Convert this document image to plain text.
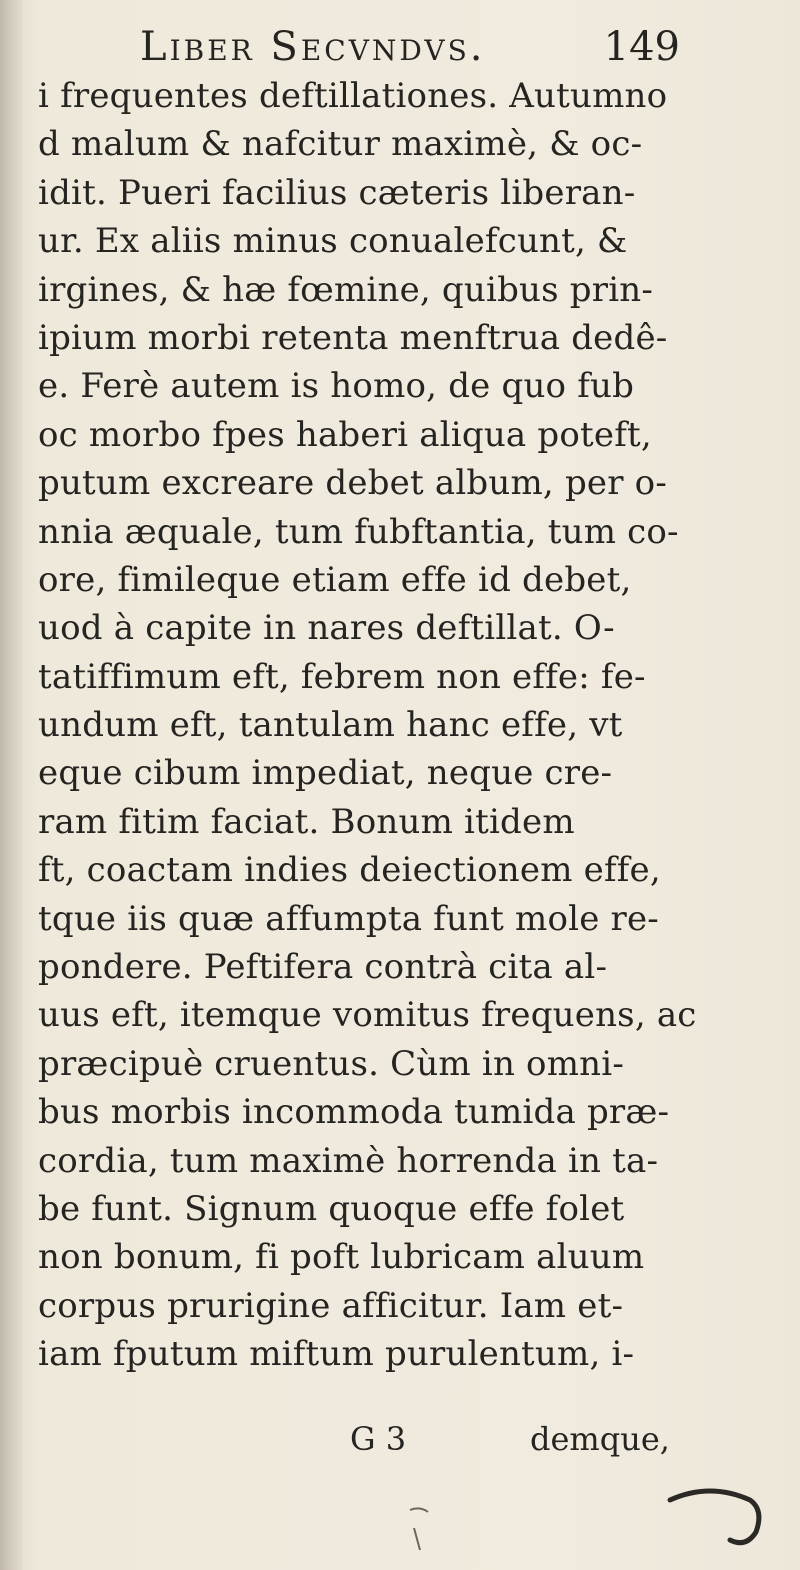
Liber Secvndvs.	149
i frequentes deftillationes. Autumno
d malum & nafcitur maximè, & oc-
idit. Pueri facilius cæteris liberan-
ur. Ex aliis minus conualefcunt, &
irgines, & hæ fœmine, quibus prin-
ipium morbi retenta menftrua dedê-
e. Ferè autem is homo, de quo fub
oc morbo fpes haberi aliqua poteft,
putum excreare debet album, per o-
nnia æquale, tum fubftantia, tum co-
ore, fimileque etiam effe id debet,
uod à capite in nares deftillat. O-
tatiffimum eft, febrem non effe: fe-
undum eft, tantulam hanc effe, vt
eque cibum impediat, neque cre-
ram fitim faciat. Bonum itidem
ft, coactam indies deiectionem effe,
tque iis quæ affumpta funt mole re-
pondere. Peftifera contrà cita al-
uus eft, itemque vomitus frequens, ac
præcipuè cruentus. Cùm in omni-
bus morbis incommoda tumida præ-
cordia, tum maximè horrenda in ta-
be funt. Signum quoque effe folet
non bonum, fi poft lubricam aluum
corpus prurigine afficitur. Iam et-
iam fputum miftum purulentum, i-
G 3	demque,
